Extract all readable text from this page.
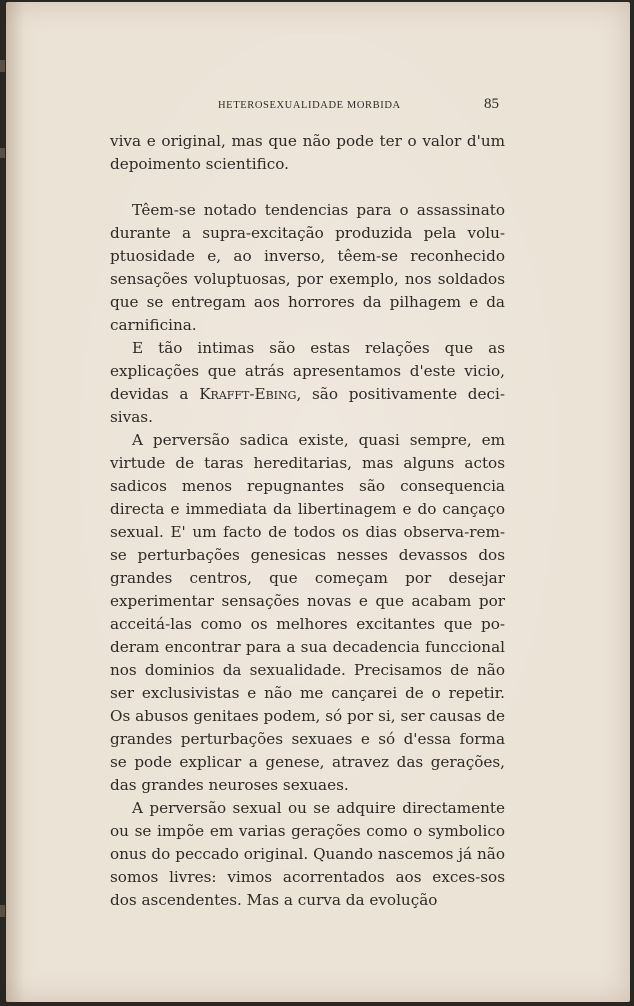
HETEROSEXUALIDADE MORBIDA	85

viva e original, mas que não pode ter o valor d'um depoimento scientifico.

Têem-se notado tendencias para o assassinato durante a supra-excitação produzida pela volu-ptuosidade e, ao inverso, têem-se reconhecido sensações voluptuosas, por exemplo, nos soldados que se entregam aos horrores da pilhagem e da carnificina.

E tão intimas são estas relações que as explicações que atrás apresentamos d'este vicio, devidas a Krafft-Ebing, são positivamente deci-sivas.

A perversão sadica existe, quasi sempre, em virtude de taras hereditarias, mas alguns actos sadicos menos repugnantes são consequencia directa e immediata da libertinagem e do cançaço sexual. E' um facto de todos os dias observa-rem-se perturbações genesicas nesses devassos dos grandes centros, que começam por desejar experimentar sensações novas e que acabam por acceitá-las como os melhores excitantes que po-deram encontrar para a sua decadencia funccional nos dominios da sexualidade. Precisamos de não ser exclusivistas e não me cançarei de o repetir. Os abusos genitaes podem, só por si, ser causas de grandes perturbações sexuaes e só d'essa forma se pode explicar a genese, atravez das gerações, das grandes neuroses sexuaes.

A perversão sexual ou se adquire directamente ou se impõe em varias gerações como o symbolico onus do peccado original. Quando nascemos já não somos livres: vimos acorrentados aos exces-sos dos ascendentes. Mas a curva da evolução
